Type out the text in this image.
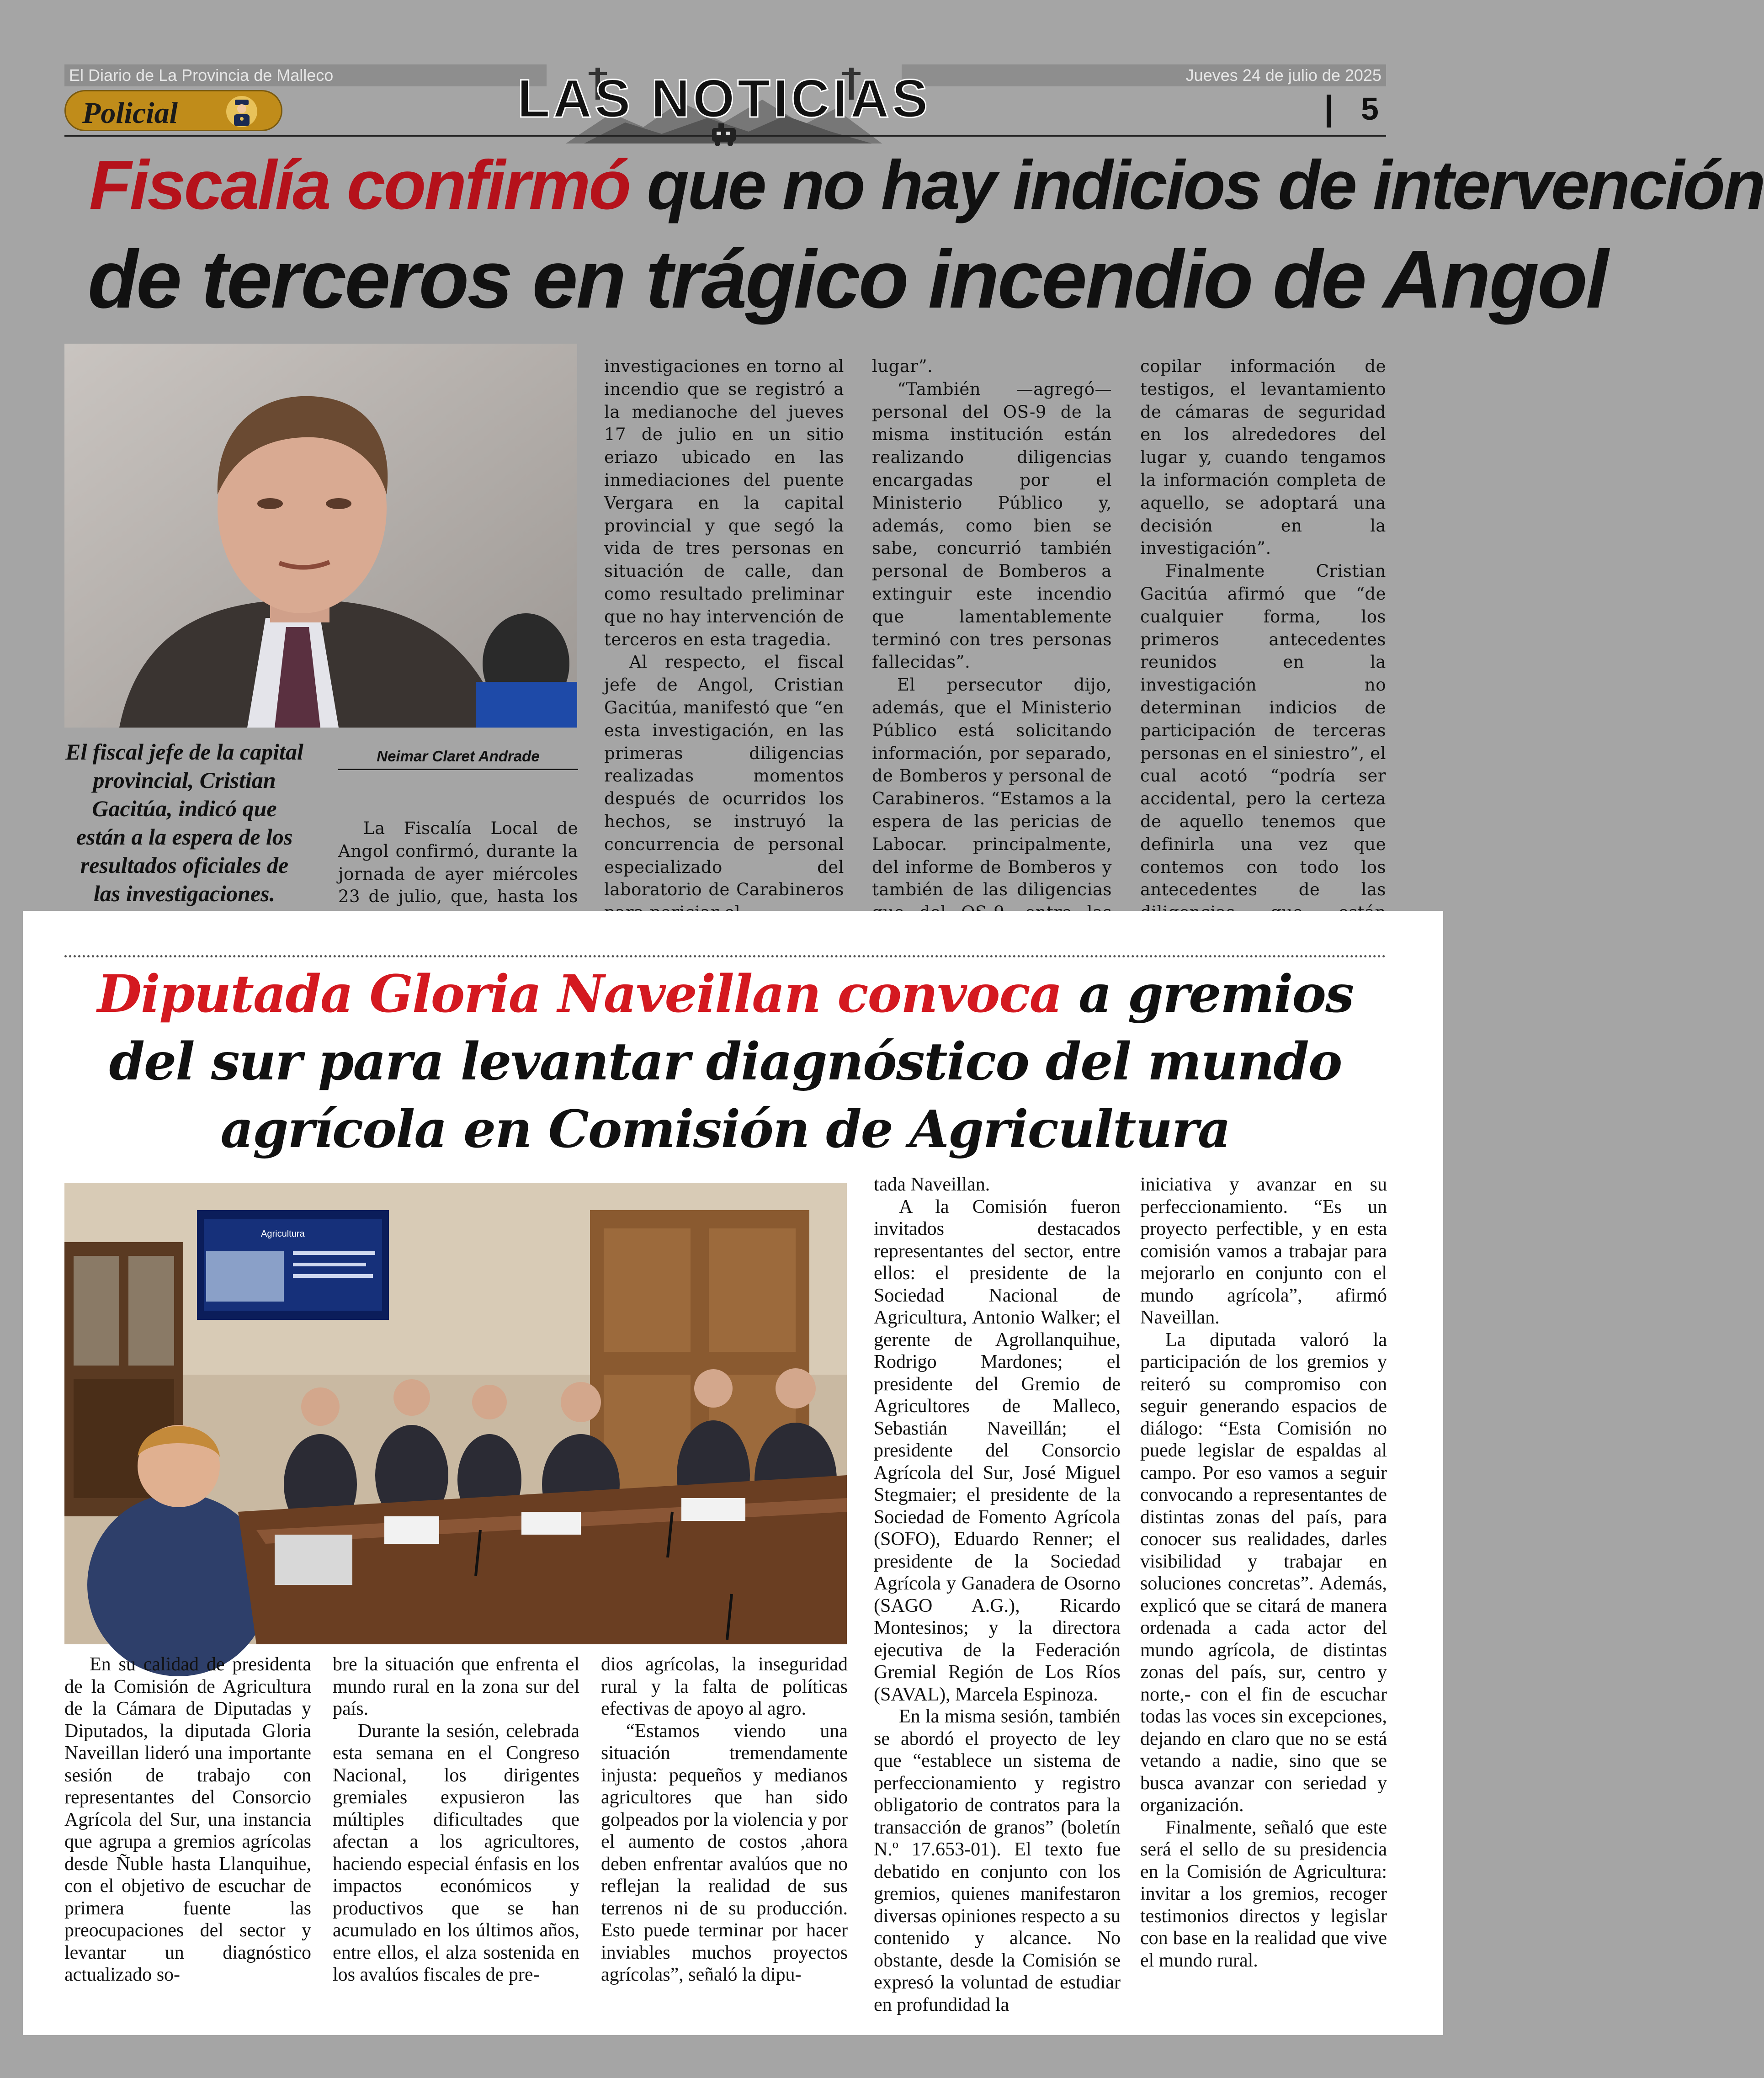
El Diario de La Provincia de Malleco	Jueves 24 de julio de 2025
LAS NOTICIAS
Policial	5
Fiscalía confirmó que no hay indicios de intervención
de terceros en trágico incendio de Angol
El fiscal jefe de la capital provincial, Cristian Gacitúa, indicó que están a la espera de los resultados oficiales de las investigaciones.
Neimar Claret Andrade

La Fiscalía Local de Angol confirmó, durante la jornada de ayer miércoles 23 de julio, que, hasta los

investigaciones en torno al incendio que se registró a la medianoche del jueves 17 de julio en un sitio eriazo ubicado en las inmediaciones del puente Vergara en la capital provincial y que segó la vida de tres personas en situación de calle, dan como resultado preliminar que no hay intervención de terceros en esta tragedia.

Al respecto, el fiscal jefe de Angol, Cristian Gacitúa, manifestó que “en esta investigación, en las primeras diligencias realizadas momentos después de ocurridos los hechos, se instruyó la concurrencia de personal especializado del laboratorio de Carabineros

lugar”.

“También —agregó— personal del OS-9 de la misma institución están realizando diligencias encargadas por el Ministerio Público y, además, como bien se sabe, concurrió también personal de Bomberos a extinguir este incendio que lamentablemente terminó con tres personas fallecidas”.

El persecutor dijo, además, que el Ministerio Público está solicitando información, por separado, de Bomberos y personal de Carabineros. “Estamos a la espera de las pericias de Labocar. principalmente, del informe de Bomberos y también de las diligencias

copilar información de testigos, el levantamiento de cámaras de seguridad en los alrededores del lugar y, cuando tengamos la información completa de aquello, se adoptará una decisión en la investigación”.

Finalmente Cristian Gacitúa afirmó que “de cualquier forma, los primeros antecedentes reunidos en la investigación no determinan indicios de participación de terceras personas en el siniestro”, el cual acotó “podría ser accidental, pero la certeza de aquello tenemos que definirla una vez que contemos con todo los antecedentes de las

Diputada Gloria Naveillan convoca a gremios
del sur para levantar diagnóstico del mundo
agrícola en Comisión de Agricultura
Agricultura

En su calidad de presidenta de la Comisión de Agricultura de la Cámara de Diputadas y Diputados, la diputada Gloria Naveillan lideró una importante sesión de trabajo con representantes del Consorcio Agrícola del Sur, una instancia que agrupa a gremios agrícolas desde Ñuble hasta Llanquihue, con el objetivo de escuchar de primera fuente las preocupaciones del sector y levantar un diagnóstico actualizado so-

bre la situación que enfrenta el mundo rural en la zona sur del país.

Durante la sesión, celebrada esta semana en el Congreso Nacional, los dirigentes gremiales expusieron las múltiples dificultades que afectan a los agricultores, haciendo especial énfasis en los impactos económicos y productivos que se han acumulado en los últimos años, entre ellos, el alza sostenida en los avalúos fiscales de pre-

dios agrícolas, la inseguridad rural y la falta de políticas efectivas de apoyo al agro.

“Estamos viendo una situación tremendamente injusta: pequeños y medianos agricultores que han sido golpeados por la violencia y por el aumento de costos ,ahora deben enfrentar avalúos que no reflejan la realidad de sus terrenos ni de su producción. Esto puede terminar por hacer inviables muchos proyectos agrícolas”, señaló la dipu-

tada Naveillan.

A la Comisión fueron invitados destacados representantes del sector, entre ellos: el presidente de la Sociedad Nacional de Agricultura, Antonio Walker; el gerente de Agrollanquihue, Rodrigo Mardones; el presidente del Gremio de Agricultores de Malleco, Sebastián Naveillán; el presidente del Consorcio Agrícola del Sur, José Miguel Stegmaier; el presidente de la Sociedad de Fomento Agrícola (SOFO), Eduardo Renner; el presidente de la Sociedad Agrícola y Ganadera de Osorno (SAGO A.G.), Ricardo Montesinos; y la directora ejecutiva de la Federación Gremial Región de Los Ríos (SAVAL), Marcela Espinoza.

En la misma sesión, también se abordó el proyecto de ley que “establece un sistema de perfeccionamiento y registro obligatorio de contratos para la transacción de granos” (boletín N.º 17.653-01). El texto fue debatido en conjunto con los gremios, quienes manifestaron diversas opiniones respecto a su contenido y alcance. No obstante, desde la Comisión se expresó la voluntad de estudiar en profundidad la

iniciativa y avanzar en su perfeccionamiento. “Es un proyecto perfectible, y en esta comisión vamos a trabajar para mejorarlo en conjunto con el mundo agrícola”, afirmó Naveillan.

La diputada valoró la participación de los gremios y reiteró su compromiso con seguir generando espacios de diálogo: “Esta Comisión no puede legislar de espaldas al campo. Por eso vamos a seguir convocando a representantes de distintas zonas del país, para conocer sus realidades, darles visibilidad y trabajar en soluciones concretas”. Además, explicó que se citará de manera ordenada a cada actor del mundo agrícola, de distintas zonas del país, sur, centro y norte,- con el fin de escuchar todas las voces sin excepciones, dejando en claro que no se está vetando a nadie, sino que se busca avanzar con seriedad y organización.

Finalmente, señaló que este será el sello de su presidencia en la Comisión de Agricultura: invitar a los gremios, recoger testimonios directos y legislar con base en la realidad que vive el mundo rural.
